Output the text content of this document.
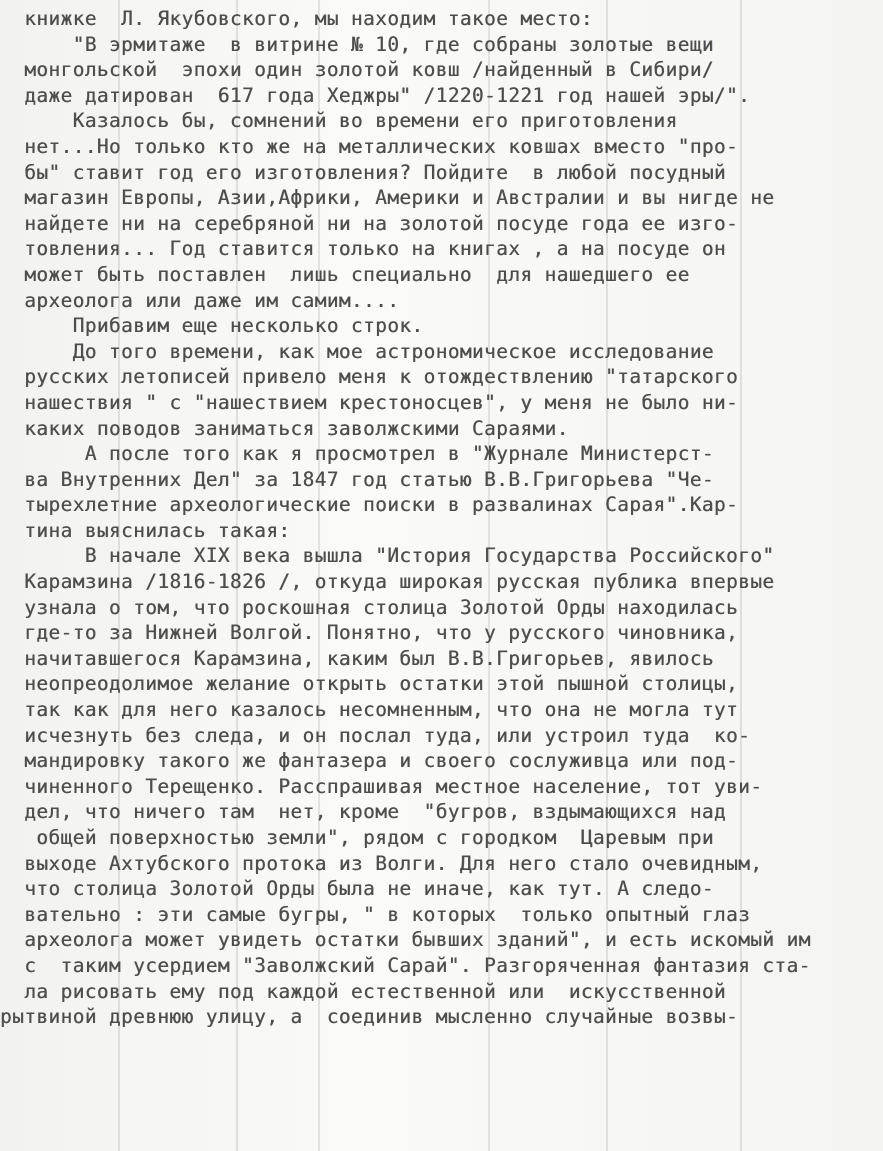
книжке  Л. Якубовского, мы находим такое место:
"В эрмитаже  в витрине № 10, где собраны золотые вещи
монгольской  эпохи один золотой ковш /найденный в Сибири/
даже датирован  617 года Хеджры" /1220-1221 год нашей эры/".
Казалось бы, сомнений во времени его приготовления
нет...Но только кто же на металлических ковшах вместо "про-
бы" ставит год его изготовления? Пойдите  в любой посудный
магазин Европы, Азии,Африки, Америки и Австралии и вы нигде не
найдете ни на серебряной ни на золотой посуде года ее изго-
товления... Год ставится только на книгах , а на посуде он
может быть поставлен  лишь специально  для нашедшего ее
археолога или даже им самим....
Прибавим еще несколько строк.
До того времени, как мое астрономическое исследование
русских летописей привело меня к отождествлению "татарского
нашествия " с "нашествием крестоносцев", у меня не было ни-
каких поводов заниматься заволжскими Сараями.
А после того как я просмотрел в "Журнале Министерст-
ва Внутренних Дел" за 1847 год статью В.В.Григорьева "Че-
тырехлетние археологические поиски в развалинах Сарая".Кар-
тина выяснилась такая:
В начале XIX века вышла "История Государства Российского"
Карамзина /1816-1826 /, откуда широкая русская публика впервые
узнала о том, что роскошная столица Золотой Орды находилась
где-то за Нижней Волгой. Понятно, что у русского чиновника,
начитавшегося Карамзина, каким был В.В.Григорьев, явилось
неопреодолимое желание открыть остатки этой пышной столицы,
так как для него казалось несомненным, что она не могла тут
исчезнуть без следа, и он послал туда, или устроил туда  ко-
мандировку такого же фантазера и своего сослуживца или под-
чиненного Терещенко. Расспрашивая местное население, тот уви-
дел, что ничего там  нет, кроме  "бугров, вздымающихся над
общей поверхностью земли", рядом с городком  Царевым при
выходе Ахтубского протока из Волги. Для него стало очевидным,
что столица Золотой Орды была не иначе, как тут. А следо-
вательно : эти самые бугры, " в которых  только опытный глаз
археолога может увидеть остатки бывших зданий", и есть искомый им
с  таким усердием "Заволжский Сарай". Разгоряченная фантазия ста-
ла рисовать ему под каждой естественной или  искусственной
рытвиной древнюю улицу, а  соединив мысленно случайные возвы-
